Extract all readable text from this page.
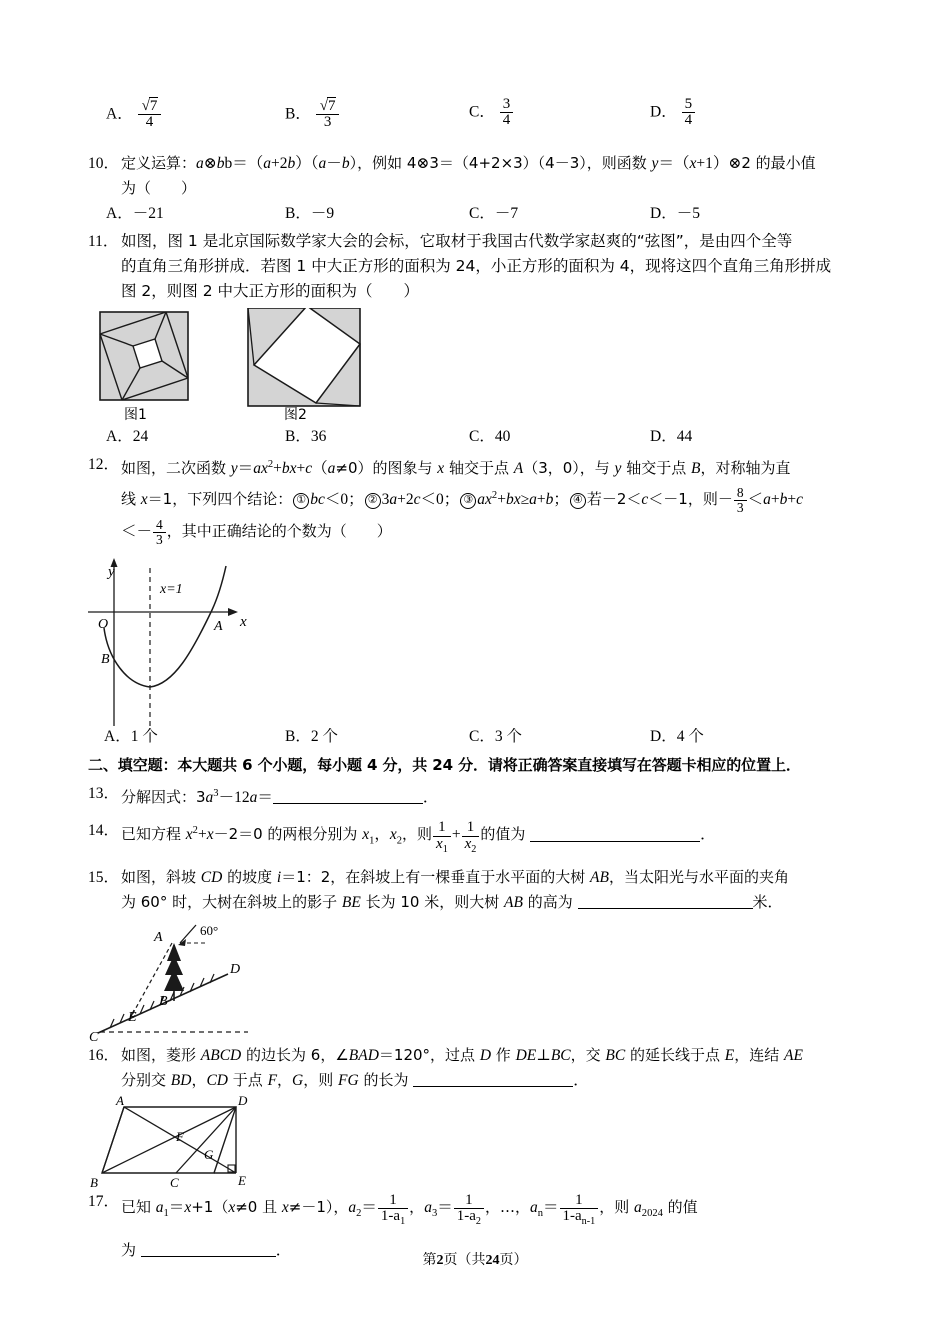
A． $\frac{√7}{4}$	B． $\frac{√7}{3}$	C． $\frac{3}{4}$	D． $\frac{5}{4}$
10． 定义运算：a⊗bb＝（a+2b）（a－b），例如 4⊗3＝（4+2×3）（4－3），则函数 y＝（x+1）⊗2 的最小值
为（　　）
A．－21	B．－9	C．－7	D．－5
11． 如图，图 1 是北京国际数学家大会的会标，它取材于我国古代数学家赵爽的“弦图”，是由四个全等
的直角三角形拼成．若图 1 中大正方形的面积为 24，小正方形的面积为 4，现将这四个直角三角形拼成
图 2，则图 2 中大正方形的面积为（　　）
图1	图2
A．24	B．36	C．40	D．44
12． 如图，二次函数 $y=ax^2+bx+c(a\ne 0)$的图象与 x 轴交于点 A（3，0），与 y 轴交于点 B，对称轴为直
线 x＝1，下列四个结论： ① bc＜0； ② 3a+2c＜0； ③ $ax^2+bx\ge a+b$； ④ 若－2＜c＜－1，则－ $\frac{8}{3} <a+b+c$
＜－ $\frac{4}{3}$ ，其中正确结论的个数为（　　）
y
x
O	A
B
x=1
A．1 个	B．2 个	C．3 个	D．4 个
二、填空题：本大题共 6 个小题，每小题 4 分，共 24 分．请将正确答案直接填写在答题卡相应的位置上．
13． 分解因式：$3a^3-12a=$	．
14． 已知方程 $x^2+x-2=0$ 的两根分别为 $x_1$，$x_2$，则 $\frac{1}{x_1} + \frac{1}{x_2}$ 的值为	．
15． 如图，斜坡 CD 的坡度 i＝1：2，在斜坡上有一棵垂直于水平面的大树 AB，当太阳光与水平面的夹角
为 60° 时，大树在斜坡上的影子 BE 长为 10 米，则大树 AB 的高为	米．
A	60°
B
C
D
E
16． 如图，菱形 ABCD 的边长为 6，∠BAD＝120°，过点 D 作 DE⊥BC，交 BC 的延长线于点 E，连结 AE
分别交 BD，CD 于点 F，G，则 FG 的长为	．
A	D
B	C	E
F
G
17． 已知 $a_1=x+1(x\ne 0$ 且 x≠－1），$a_2= \frac{1}{1-a_1}$ ，$a_3= \frac{1}{1-a_2}$ ，…，$a_n= \frac{1}{1-a_{n-1}}$ ，则 $a_{2024}$ 的值
为	．
第2页（共24页）
